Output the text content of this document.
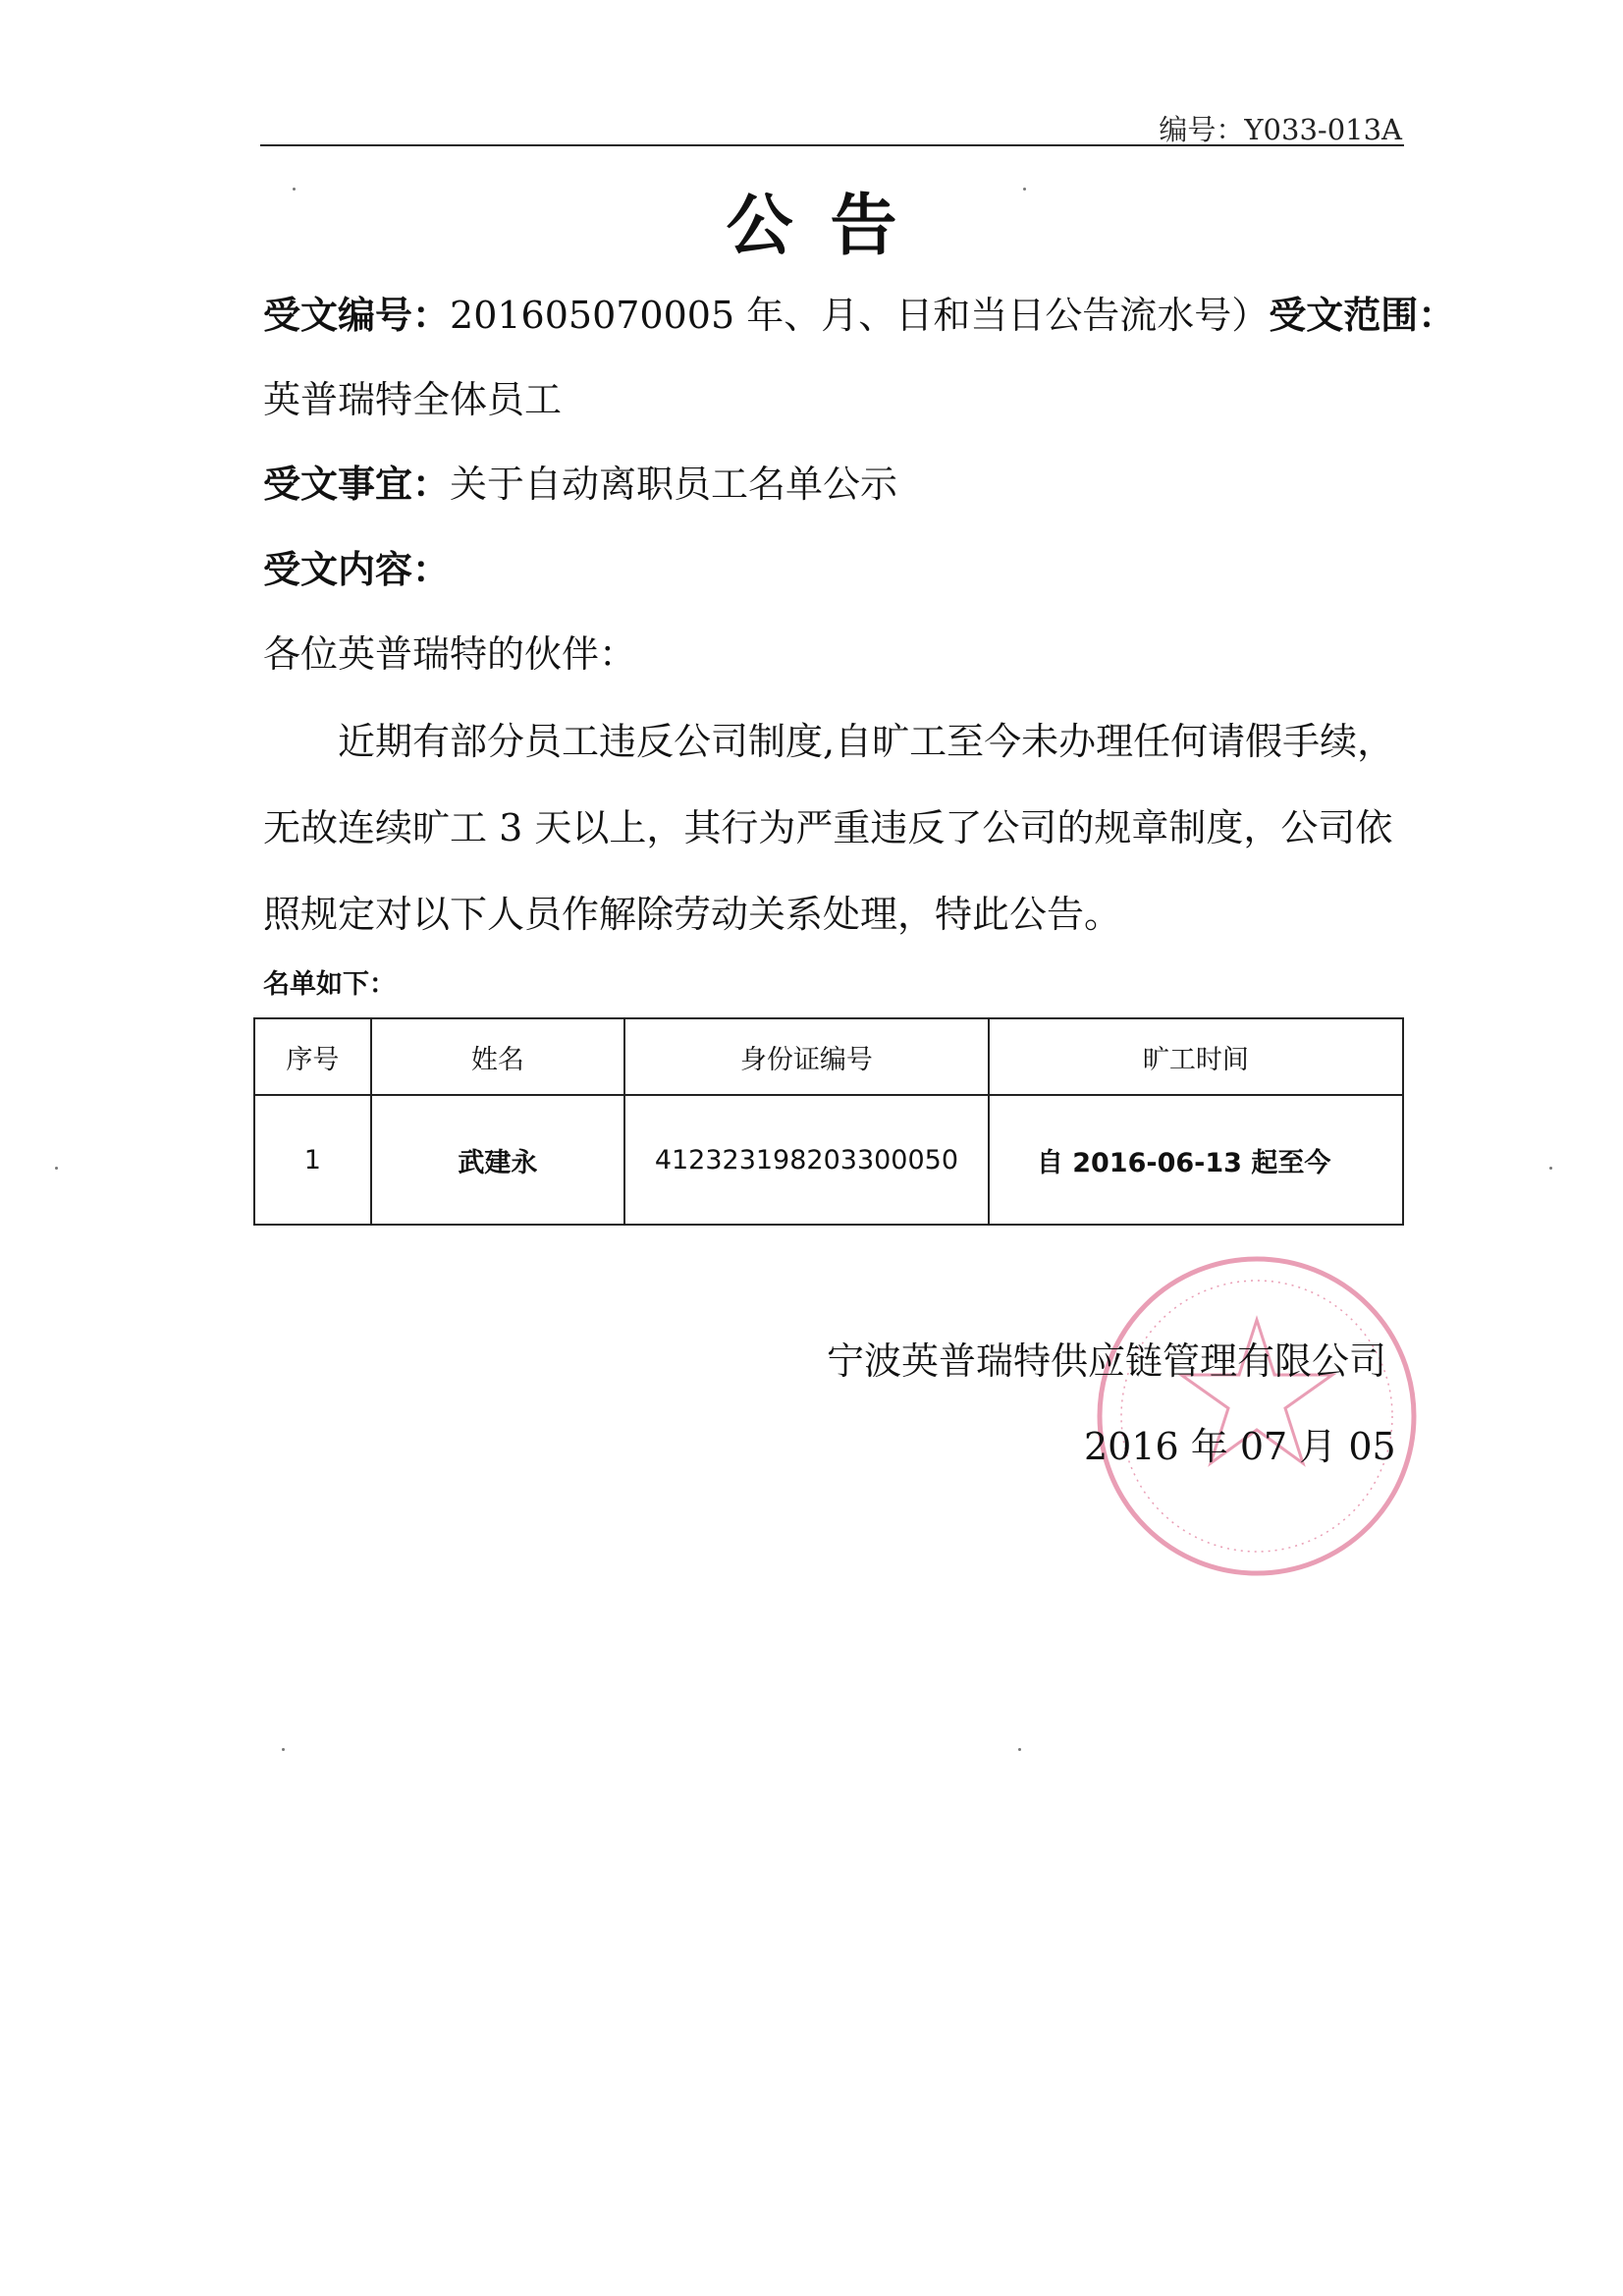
编号：Y033-013A
公告
受文编号：201605070005 年、月、日和当日公告流水号）受文范围：
英普瑞特全体员工
受文事宜：关于自动离职员工名单公示
受文内容：
各位英普瑞特的伙伴：
近期有部分员工违反公司制度,自旷工至今未办理任何请假手续，无故连续旷工 3 天以上，其行为严重违反了公司的规章制度，公司依照规定对以下人员作解除劳动关系处理，特此公告。
名单如下：
序号	姓名	身份证编号	旷工时间
1	武建永	412323198203300050	自 2016-06-13 起至今
宁波英普瑞特供应链管理有限公司
2016 年 07 月 05
